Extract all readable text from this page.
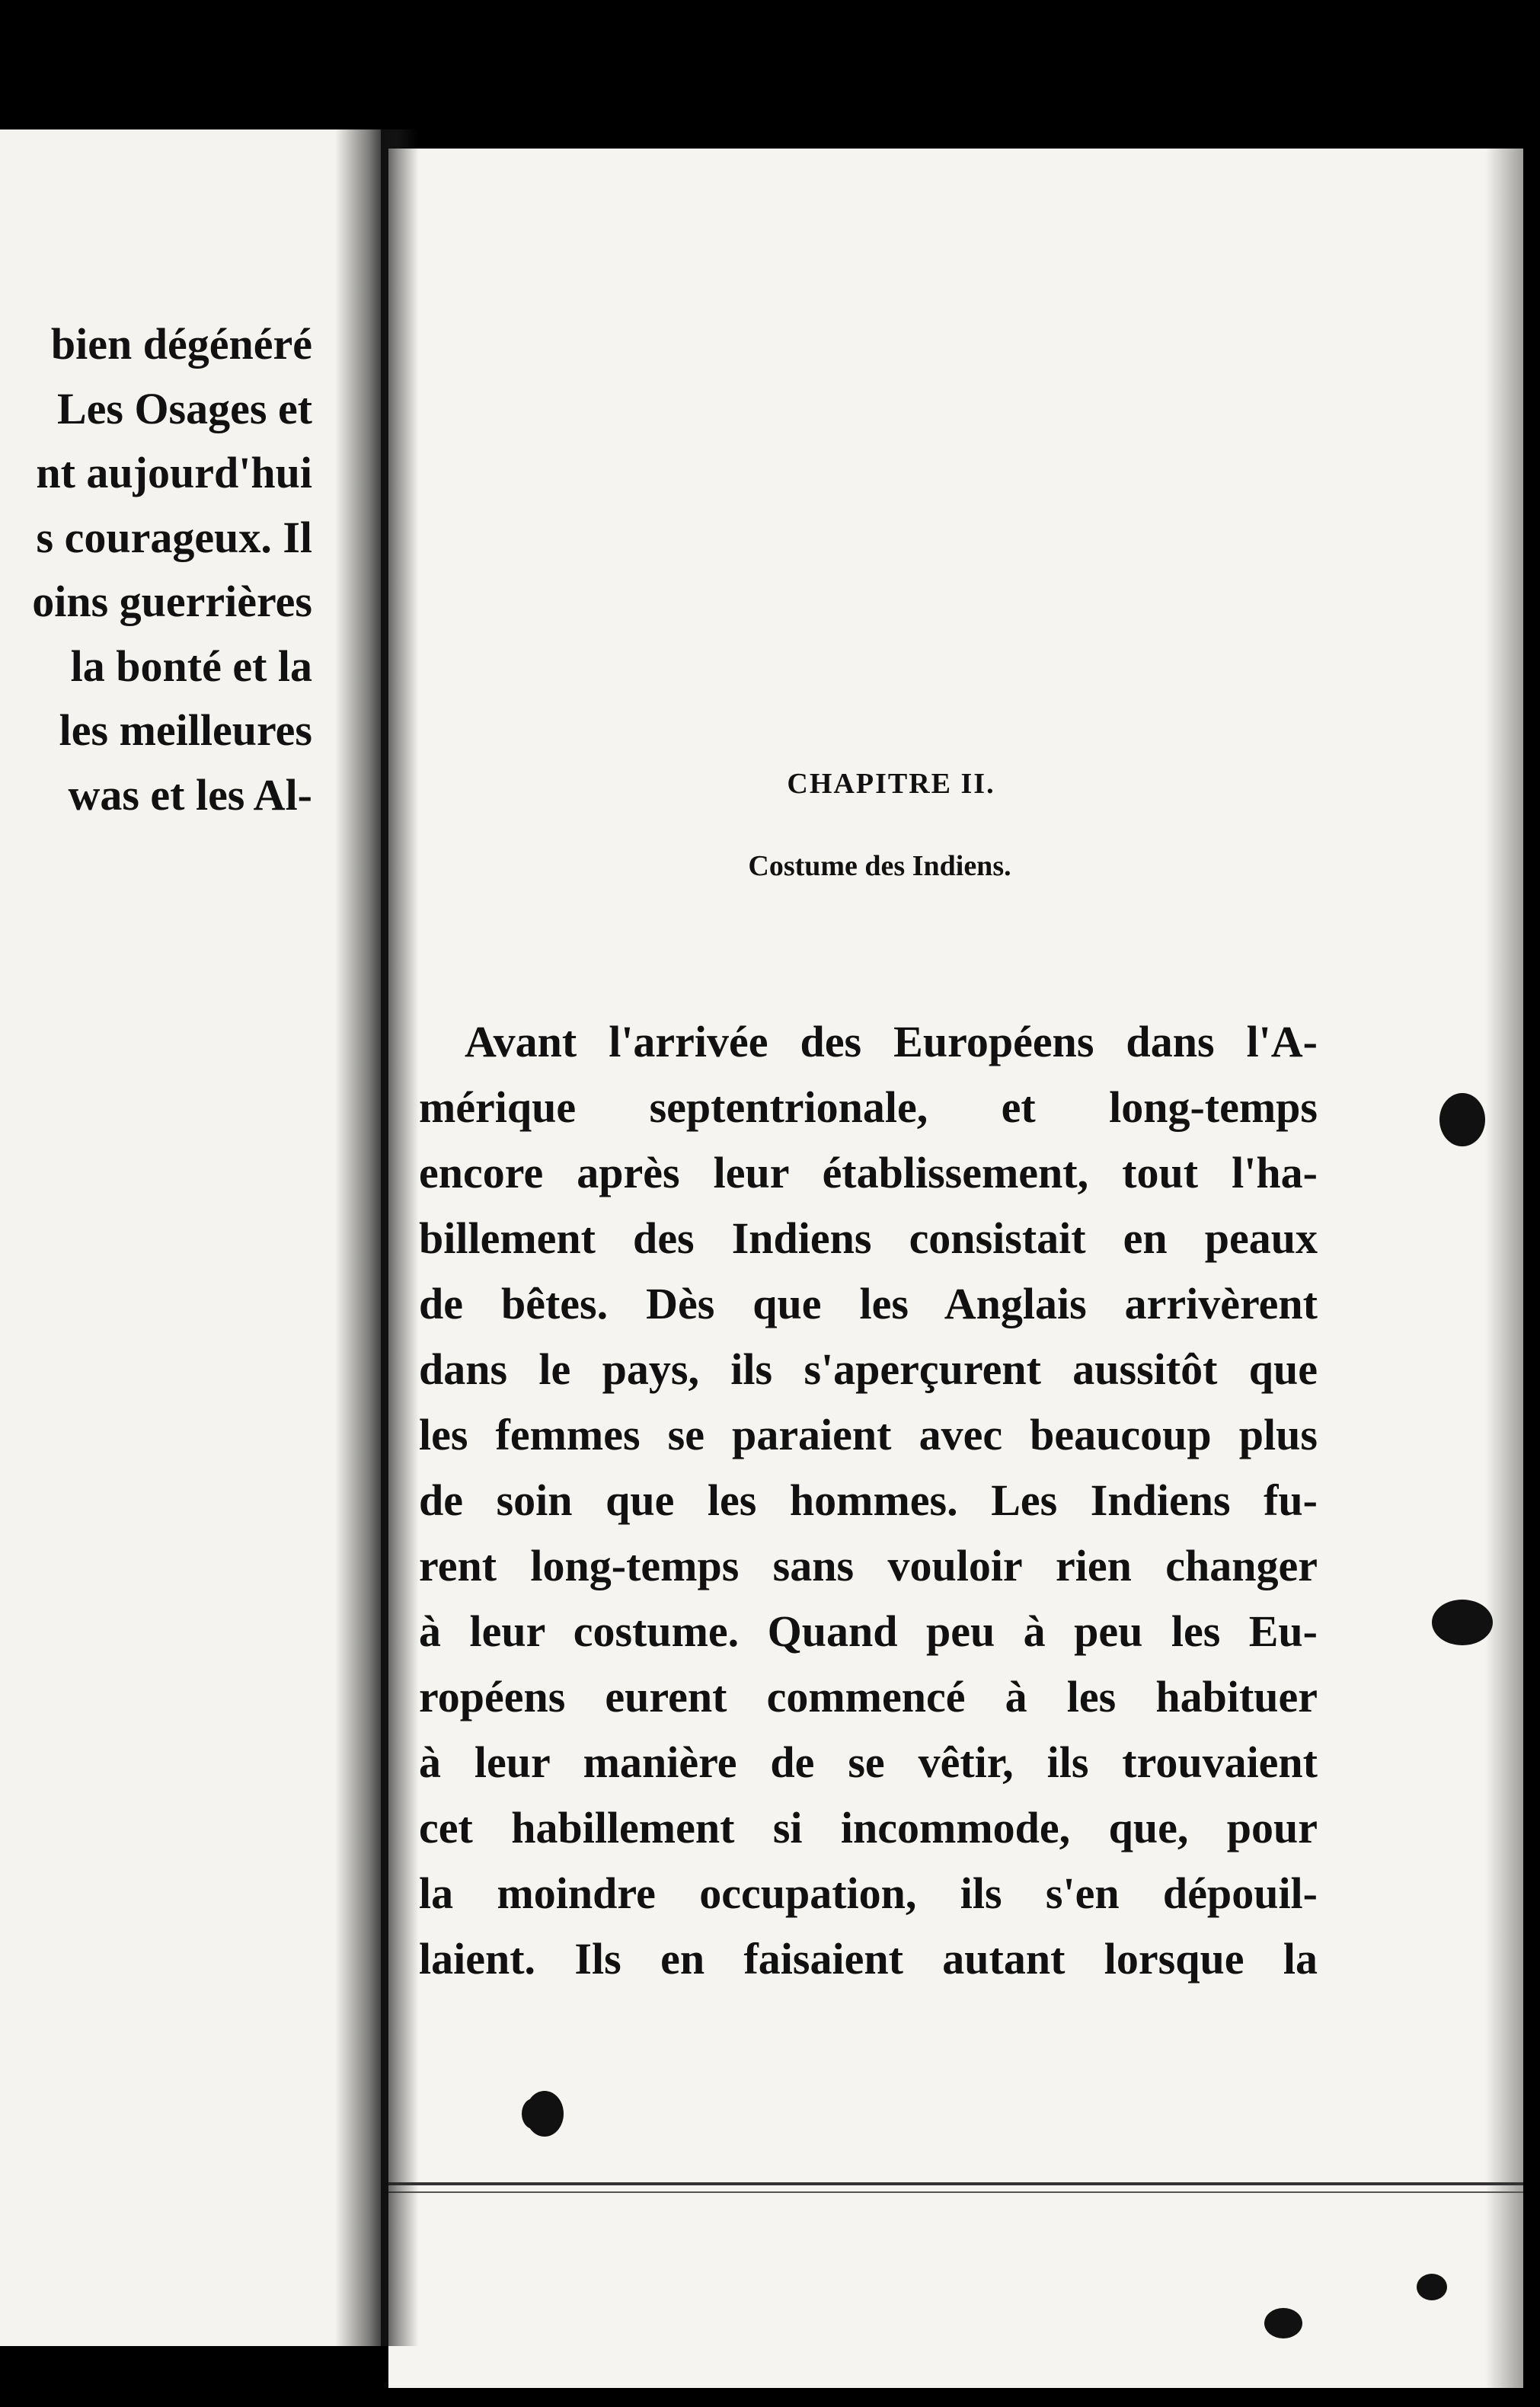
bien dégénéré
Les Osages et
nt aujourd'hui
s courageux. Il
oins guerrières
la bonté et la
les meilleures
was et les Al-	CHAPITRE II.
Costume des Indiens.
Avant l'arrivée des Européens dans l'A-
mérique septentrionale, et long-temps
encore après leur établissement, tout l'ha-
billement des Indiens consistait en peaux
de bêtes. Dès que les Anglais arrivèrent
dans le pays, ils s'aperçurent aussitôt que
les femmes se paraient avec beaucoup plus
de soin que les hommes. Les Indiens fu-
rent long-temps sans vouloir rien changer
à leur costume. Quand peu à peu les Eu-
ropéens eurent commencé à les habituer
à leur manière de se vêtir, ils trouvaient
cet habillement si incommode, que, pour
la moindre occupation, ils s'en dépouil-
laient. Ils en faisaient autant lorsque la
